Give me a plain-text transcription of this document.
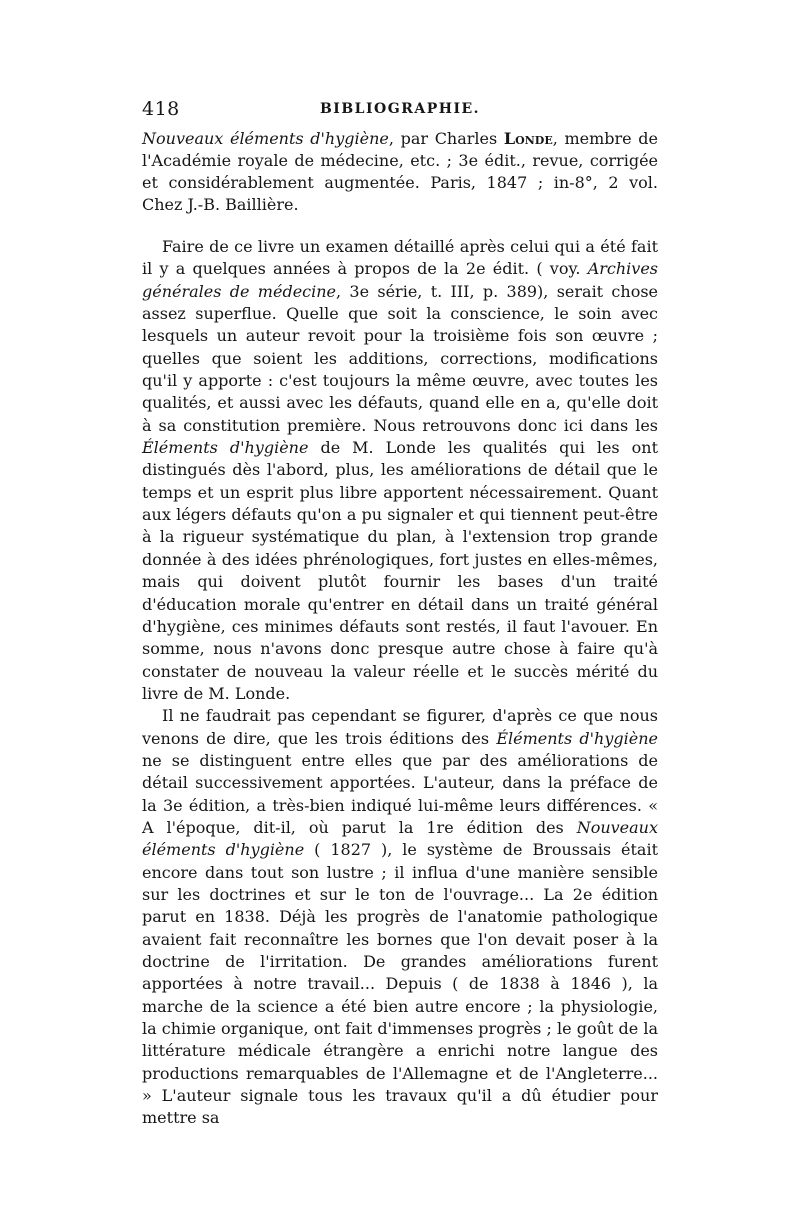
418	BIBLIOGRAPHIE.

Nouveaux éléments d'hygiène, par Charles Londe, membre de l'Académie royale de médecine, etc. ; 3e édit., revue, corrigée et considérablement augmentée. Paris, 1847 ; in-8°, 2 vol. Chez J.-B. Baillière.

Faire de ce livre un examen détaillé après celui qui a été fait il y a quelques années à propos de la 2e édit. ( voy. Archives générales de médecine, 3e série, t. III, p. 389), serait chose assez superflue. Quelle que soit la conscience, le soin avec lesquels un auteur revoit pour la troisième fois son œuvre ; quelles que soient les additions, corrections, modifications qu'il y apporte : c'est toujours la même œuvre, avec toutes les qualités, et aussi avec les défauts, quand elle en a, qu'elle doit à sa constitution première. Nous retrouvons donc ici dans les Éléments d'hygiène de M. Londe les qualités qui les ont distingués dès l'abord, plus, les améliorations de détail que le temps et un esprit plus libre apportent nécessairement. Quant aux légers défauts qu'on a pu signaler et qui tiennent peut-être à la rigueur systématique du plan, à l'extension trop grande donnée à des idées phrénologiques, fort justes en elles-mêmes, mais qui doivent plutôt fournir les bases d'un traité d'éducation morale qu'entrer en détail dans un traité général d'hygiène, ces minimes défauts sont restés, il faut l'avouer. En somme, nous n'avons donc presque autre chose à faire qu'à constater de nouveau la valeur réelle et le succès mérité du livre de M. Londe.

Il ne faudrait pas cependant se figurer, d'après ce que nous venons de dire, que les trois éditions des Éléments d'hygiène ne se distinguent entre elles que par des améliorations de détail successivement apportées. L'auteur, dans la préface de la 3e édition, a très-bien indiqué lui-même leurs différences. « A l'époque, dit-il, où parut la 1re édition des Nouveaux éléments d'hygiène ( 1827 ), le système de Broussais était encore dans tout son lustre ; il influa d'une manière sensible sur les doctrines et sur le ton de l'ouvrage... La 2e édition parut en 1838. Déjà les progrès de l'anatomie pathologique avaient fait reconnaître les bornes que l'on devait poser à la doctrine de l'irritation. De grandes améliorations furent apportées à notre travail... Depuis ( de 1838 à 1846 ), la marche de la science a été bien autre encore ; la physiologie, la chimie organique, ont fait d'immenses progrès ; le goût de la littérature médicale étrangère a enrichi notre langue des productions remarquables de l'Allemagne et de l'Angleterre... » L'auteur signale tous les travaux qu'il a dû étudier pour mettre sa
